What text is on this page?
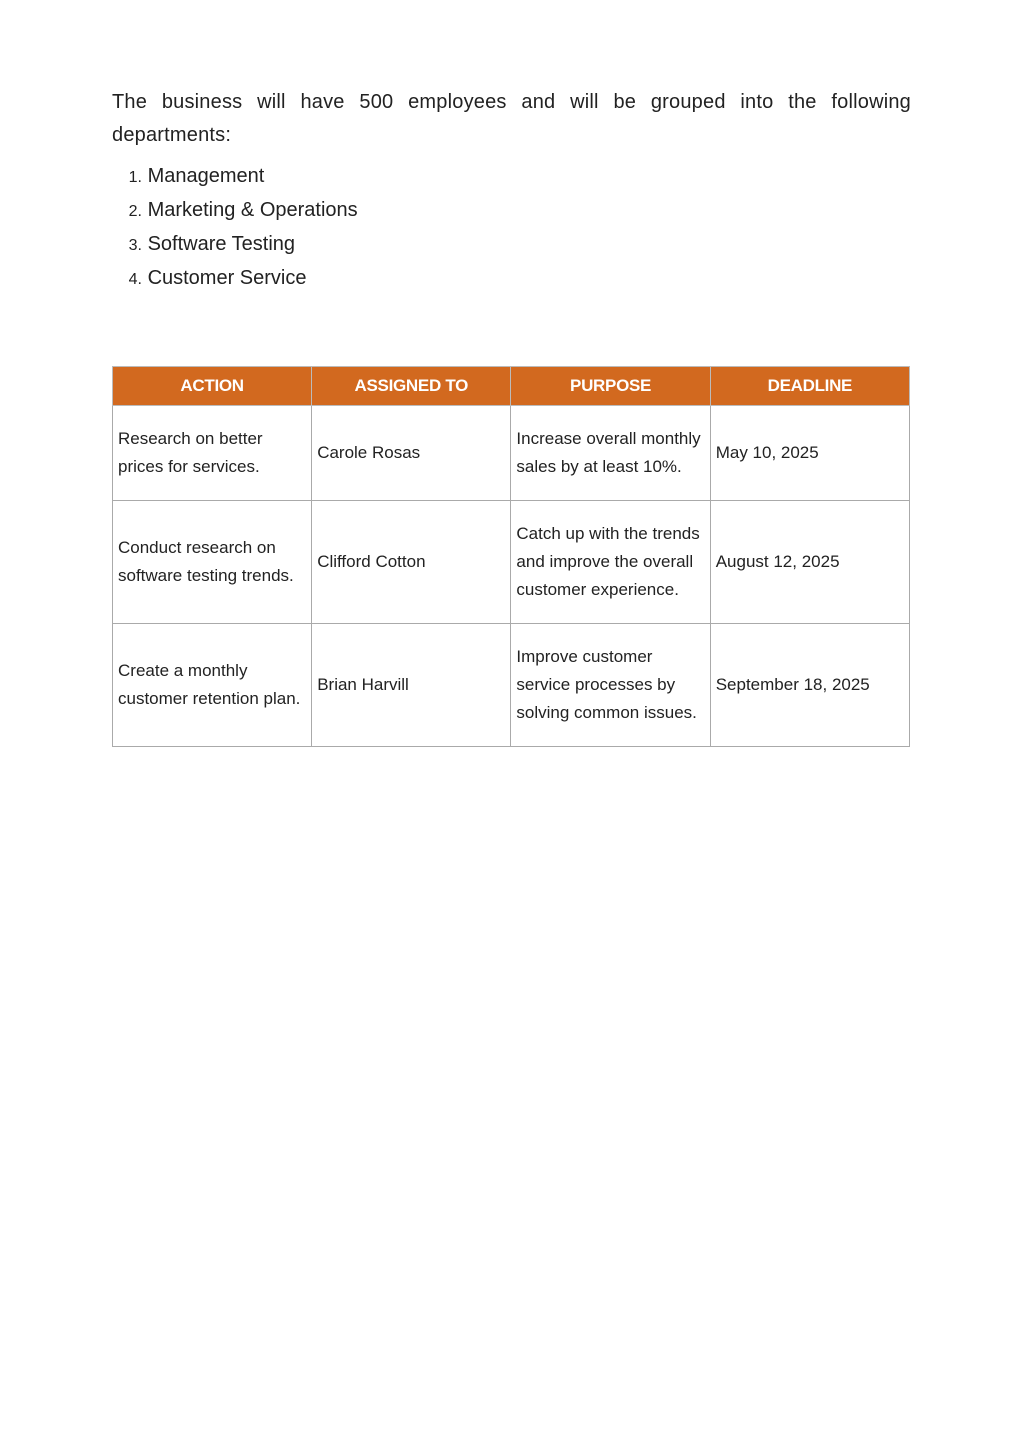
The business will have 500 employees and will be grouped into the following departments:

1. Management
2. Marketing & Operations
3. Software Testing
4. Customer Service
ACTION	ASSIGNED TO	PURPOSE	DEADLINE
Research on better prices for services.	Carole Rosas	Increase overall monthly sales by at least 10%.	May 10, 2025
Conduct research on software testing trends.	Clifford Cotton	Catch up with the trends and improve the overall customer experience.	August 12, 2025
Create a monthly customer retention plan.	Brian Harvill	Improve customer service processes by solving common issues.	September 18, 2025
